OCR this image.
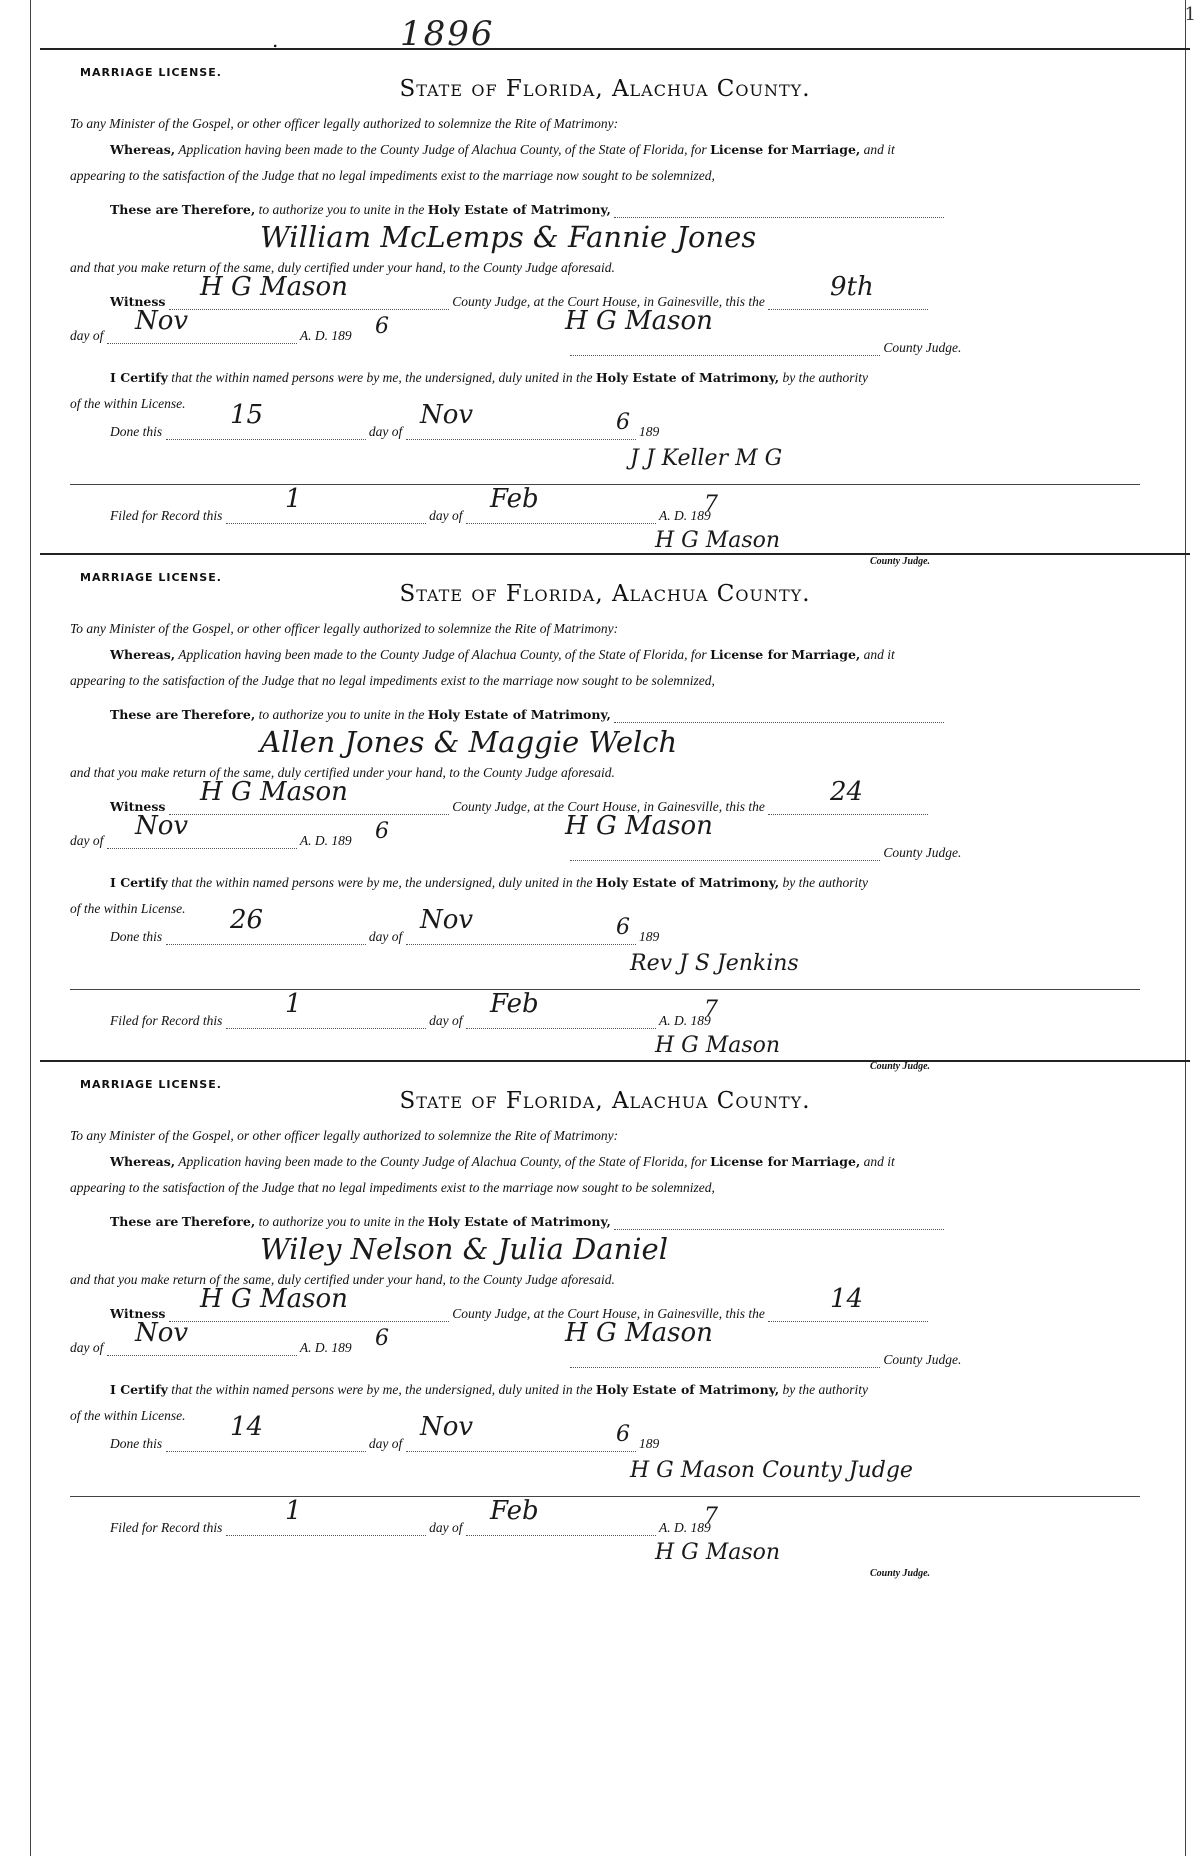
.	1896	1
MARRIAGE LICENSE.
State of Florida, Alachua County.
To any Minister of the Gospel, or other officer legally authorized to solemnize the Rite of Matrimony:
Whereas, Application having been made to the County Judge of Alachua County, of the State of Florida, for License for Marriage, and it
appearing to the satisfaction of the Judge that no legal impediments exist to the marriage now sought to be solemnized,
These are Therefore, to authorize you to unite in the Holy Estate of Matrimony,
William McLemps & Fannie Jones
and that you make return of the same, duly certified under your hand, to the County Judge aforesaid.
Witness	County Judge, at the Court House, in Gainesville, this the
H G Mason	9th
day of	A. D. 189
Nov	6	H G Mason
County Judge.
I Certify that the within named persons were by me, the undersigned, duly united in the Holy Estate of Matrimony, by the authority
of the within License.
Done this	day of	189
15	Nov	6
J J Keller M G
Filed for Record this	day of	A. D. 189
1	Feb	7
H G Mason
County Judge.
MARRIAGE LICENSE.
State of Florida, Alachua County.
To any Minister of the Gospel, or other officer legally authorized to solemnize the Rite of Matrimony:
Whereas, Application having been made to the County Judge of Alachua County, of the State of Florida, for License for Marriage, and it
appearing to the satisfaction of the Judge that no legal impediments exist to the marriage now sought to be solemnized,
These are Therefore, to authorize you to unite in the Holy Estate of Matrimony,
Allen Jones & Maggie Welch
and that you make return of the same, duly certified under your hand, to the County Judge aforesaid.
Witness	County Judge, at the Court House, in Gainesville, this the
H G Mason	24
day of	A. D. 189
Nov	6	H G Mason
County Judge.
I Certify that the within named persons were by me, the undersigned, duly united in the Holy Estate of Matrimony, by the authority
of the within License.
Done this	day of	189
26	Nov	6
Rev J S Jenkins
Filed for Record this	day of	A. D. 189
1	Feb	7
H G Mason
County Judge.
MARRIAGE LICENSE.
State of Florida, Alachua County.
To any Minister of the Gospel, or other officer legally authorized to solemnize the Rite of Matrimony:
Whereas, Application having been made to the County Judge of Alachua County, of the State of Florida, for License for Marriage, and it
appearing to the satisfaction of the Judge that no legal impediments exist to the marriage now sought to be solemnized,
These are Therefore, to authorize you to unite in the Holy Estate of Matrimony,
Wiley Nelson & Julia Daniel
and that you make return of the same, duly certified under your hand, to the County Judge aforesaid.
Witness	County Judge, at the Court House, in Gainesville, this the
H G Mason	14
day of	A. D. 189
Nov	6	H G Mason
County Judge.
I Certify that the within named persons were by me, the undersigned, duly united in the Holy Estate of Matrimony, by the authority
of the within License.
Done this	day of	189
14	Nov	6
H G Mason County Judge
Filed for Record this	day of	A. D. 189
1	Feb	7
H G Mason
County Judge.
